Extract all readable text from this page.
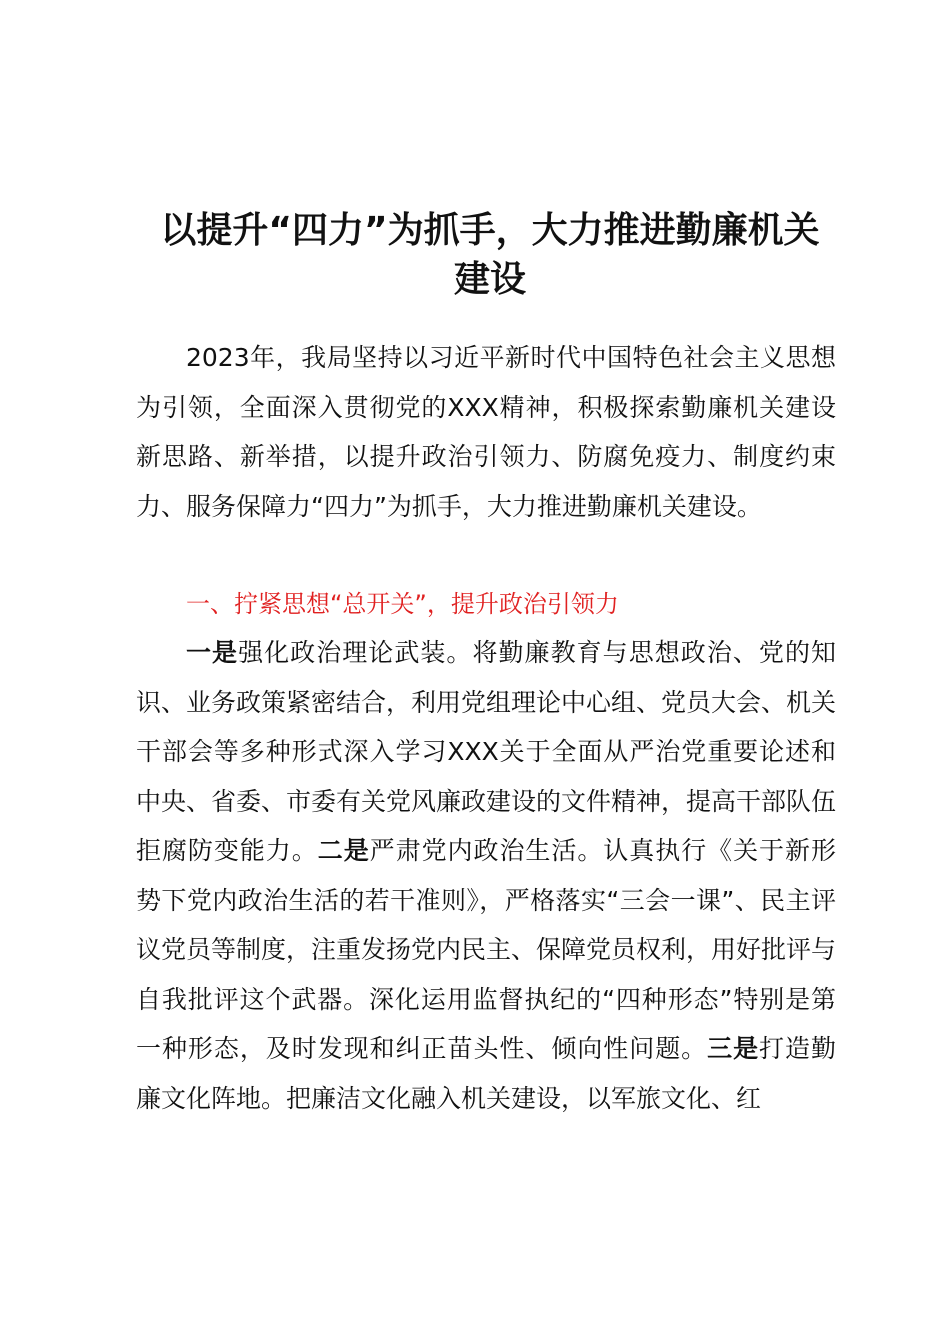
以提升“四力”为抓手，大力推进勤廉机关
建设

2023年，我局坚持以习近平新时代中国特色社会主义思想为引领，全面深入贯彻党的XXX精神，积极探索勤廉机关建设新思路、新举措，以提升政治引领力、防腐免疫力、制度约束力、服务保障力“四力”为抓手，大力推进勤廉机关建设。

一、拧紧思想“总开关”，提升政治引领力

一是强化政治理论武装。将勤廉教育与思想政治、党的知识、业务政策紧密结合，利用党组理论中心组、党员大会、机关干部会等多种形式深入学习XXX关于全面从严治党重要论述和中央、省委、市委有关党风廉政建设的文件精神，提高干部队伍拒腐防变能力。二是严肃党内政治生活。认真执行《关于新形势下党内政治生活的若干准则》，严格落实“三会一课”、民主评议党员等制度，注重发扬党内民主、保障党员权利，用好批评与自我批评这个武器。深化运用监督执纪的“四种形态”特别是第一种形态，及时发现和纠正苗头性、倾向性问题。三是打造勤廉文化阵地。把廉洁文化融入机关建设，以军旅文化、红
